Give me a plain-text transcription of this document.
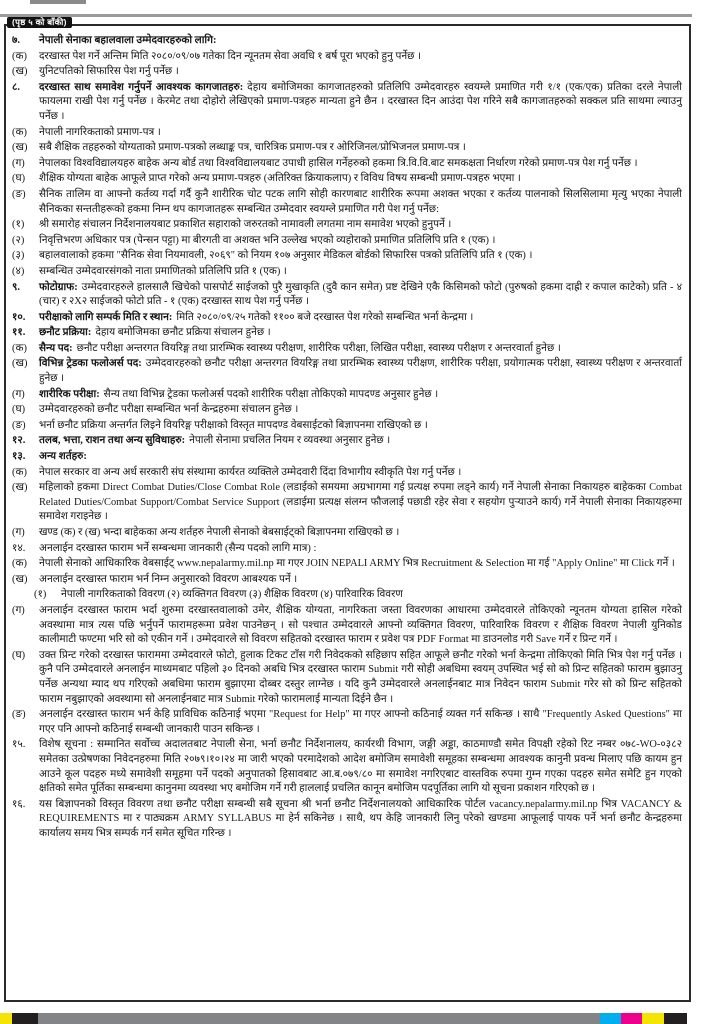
(पृष्ठ ५ को बाँकी)
७.	नेपाली सेनाका बहालवाला उम्मेदवारहरुको लागि:
(क)	दरखास्त पेश गर्ने अन्तिम मिति २०८०/०९/०७ गतेका दिन न्यूनतम सेवा अवधि १ बर्ष पूरा भएको हुनु पर्नेछ ।
(ख)	युनिटपतिको सिफारिस पेश गर्नु पर्नेछ ।
८.	दरखास्त साथ समावेश गर्नुपर्ने आवश्यक कागजातहरु: देहाय बमोजिमका कागजातहरुको प्रतिलिपि उम्मेदवारहरु स्वयम्ले प्रमाणित गरी १/१ (एक/एक) प्रतिका दरले नेपाली फायलमा राखी पेश गर्नु पर्नेछ । केरमेट तथा दोहोरो लेखिएको प्रमाण-पत्रहरु मान्यता हुने छैन । दरखास्त दिन आउंदा पेश गरिने सबै कागजातहरुको सक्कल प्रति साथमा ल्याउनु पर्नेछ ।
(क)	नेपाली नागरिकताको प्रमाण-पत्र ।
(ख)	सबै शैक्षिक तहहरुको योग्यताको प्रमाण-पत्रको लब्धाङ्क पत्र, चारित्रिक प्रमाण-पत्र र ओरिजिनल/प्रोभिजनल प्रमाण-पत्र ।
(ग)	नेपालका विश्वविद्यालयहरु बाहेक अन्य बोर्ड तथा विश्वविद्यालयबाट उपाधी हासिल गर्नेहरुको हकमा त्रि.वि.वि.बाट समकक्षता निर्धारण गरेको प्रमाण-पत्र पेश गर्नु पर्नेछ ।
(घ)	शैक्षिक योग्यता बाहेक आफूले प्राप्त गरेको अन्य प्रमाण-पत्रहरु (अतिरिक्त क्रियाकलाप) र विविध विषय सम्बन्धी प्रमाण-पत्रहरु भएमा ।
(ङ)	सैनिक तालिम वा आफ्नो कर्तव्य गर्दा गर्दै कुनै शारीरिक चोट पटक लागि सोही कारणबाट शारीरिक रूपमा अशक्त भएका र कर्तव्य पालनाको सिलसिलामा मृत्यु भएका नेपाली सैनिकका सन्ततीहरूको हकमा निम्न थप कागजातहरू सम्बन्धित उम्मेदवार स्वयम्ले प्रमाणित गरी पेश गर्नु पर्नेछ:
(१)	श्री समारोह संचालन निर्देशनालयबाट प्रकाशित सहाराको जरुरतको नामावली लगतमा नाम समावेश भएको हुनुपर्ने ।
(२)	निवृत्तिभरण अधिकार पत्र (पेन्सन पट्टा) मा बीरगती वा अशक्त भनि उल्लेख भएको व्यहोराको प्रमाणित प्रतिलिपि प्रति १ (एक) ।
(३)	बहालवालाको हकमा "सैनिक सेवा नियमावली, २०६९" को नियम १०७ अनुसार मेडिकल बोर्डको सिफारिस पत्रको प्रतिलिपि प्रति १ (एक) ।
(४)	सम्बन्धित उम्मेदवारसंगको नाता प्रमाणितको प्रतिलिपि प्रति १ (एक) ।
९.	फोटोग्राफ: उम्मेदवारहरुले हालसालै खिचेको पासपोर्ट साईजको पुरै मुखाकृति (दुवै कान समेत) प्रष्ट देखिने एकै किसिमको फोटो (पुरुषको हकमा दाह्री र कपाल काटेको) प्रति - ४ (चार) र २X२ साईजको फोटो प्रति - १ (एक) दरखास्त साथ पेश गर्नु पर्नेछ ।
१०.	परीक्षाको लागि सम्पर्क मिति र स्थान: मिति २०८०/०९/२५ गतेको ११०० बजे दरखास्त पेश गरेको सम्बन्धित भर्ना केन्द्रमा ।
११.	छनौट प्रक्रिया: देहाय बमोजिमका छनौट प्रक्रिया संचालन हुनेछ ।
(क)	सैन्य पद: छनौट परीक्षा अन्तरगत वियरिङ्ग तथा प्रारम्भिक स्वास्थ्य परीक्षण, शारीरिक परीक्षा, लिखित परीक्षा, स्वास्थ्य परीक्षण र अन्तरवार्ता हुनेछ ।
(ख)	विभिन्न ट्रेडका फलोअर्स पद: उम्मेदवारहरुको छनौट परीक्षा अन्तरगत वियरिङ्ग तथा प्रारम्भिक स्वास्थ्य परीक्षण, शारीरिक परीक्षा, प्रयोगात्मक परीक्षा, स्वास्थ्य परीक्षण र अन्तरवार्ता हुनेछ ।
(ग)	शारीरिक परीक्षा: सैन्य तथा विभिन्न ट्रेडका फलोअर्स पदको शारीरिक परीक्षा तोकिएको मापदण्ड अनुसार हुनेछ ।
(घ)	उम्मेदवारहरुको छनौट परीक्षा सम्बन्धित भर्ना केन्द्रहरुमा संचालन हुनेछ ।
(ङ)	भर्ना छनौट प्रक्रिया अन्तर्गत लिइने वियरिङ्ग परीक्षाको विस्तृत मापदण्ड वेबसाईटको बिज्ञापनमा राखिएको छ ।
१२.	तलब, भत्ता, राशन तथा अन्य सुविधाहरु: नेपाली सेनामा प्रचलित नियम र व्यवस्था अनुसार हुनेछ ।
१३.	अन्य शर्तहरु:
(क)	नेपाल सरकार वा अन्य अर्ध सरकारी संघ संस्थामा कार्यरत व्यक्तिले उम्मेदवारी दिंदा विभागीय स्वीकृति पेश गर्नु पर्नेछ ।
(ख)	महिलाको हकमा Direct Combat Duties/Close Combat Role (लडाईको समयमा अग्रभागमा गई प्रत्यक्ष रुपमा लड्ने कार्य) गर्ने नेपाली सेनाका निकायहरु बाहेकका Combat Related Duties/Combat Support/Combat Service Support (लडाईमा प्रत्यक्ष संलग्न फौजलाई पछाडी रहेर सेवा र सहयोग पुर्‍याउने कार्य) गर्ने नेपाली सेनाका निकायहरुमा समावेश गराइनेछ ।
(ग)	खण्ड (क) र (ख) भन्दा बाहेकका अन्य शर्तहरु नेपाली सेनाको बेबसाईट्को बिज्ञापनमा राखिएको छ ।
१४.	अनलाईन दरखास्त फाराम भर्ने सम्बन्धमा जानकारी (सैन्य पदको लागि मात्र) :
(क)	नेपाली सेनाको आधिकारिक वेबसाईट् www.nepalarmy.mil.np मा गएर JOIN NEPALI ARMY भित्र Recruitment & Selection मा गई "Apply Online" मा Click गर्ने ।
(ख)	अनलाईन दरखास्त फाराम भर्न निम्न अनुसारको विवरण आबश्यक पर्ने ।
(१)	नेपाली नागरिकताको विवरण (२) व्यक्तिगत विवरण (३) शैक्षिक विवरण (४) पारिवारिक विवरण
(ग)	अनलाईन दरखास्त फाराम भर्दा शुरुमा दरखास्तवालाको उमेर, शैक्षिक योग्यता, नागरिकता जस्ता विवरणका आधारमा उम्मेदवारले तोकिएको न्यूनतम योग्यता हासिल गरेको अवस्थामा मात्र त्यस पछि भर्नुपर्ने फारामहरूमा प्रवेश पाउनेछन् । सो पश्चात उम्मेदवारले आफ्नो व्यक्तिगत विवरण, पारिवारिक विवरण र शैक्षिक विवरण नेपाली युनिकोड कालीमाटी फण्टमा भरि सो को एकीन गर्ने । उम्मेदवारले सो विवरण सहितको दरखास्त फाराम र प्रवेश पत्र PDF Format मा डाउनलोड गरी Save गर्ने र प्रिन्ट गर्ने ।
(घ)	उक्त प्रिन्ट गरेको दरखास्त फाराममा उम्मेदवारले फोटो, हुलाक टिकट टाँस गरी निवेदकको सहिछाप सहित आफूले छनौट गरेको भर्ना केन्द्रमा तोकिएको मिति भित्र पेश गर्नु पर्नेछ । कुनै पनि उम्मेदवारले अनलाईन माध्यमबाट पहिलो ३० दिनको अबधि भित्र दरखास्त फाराम Submit गरी सोही अबधिमा स्वयम् उपस्थित भई सो को प्रिन्ट सहितको फाराम बुझाउनु पर्नेछ अन्यथा म्याद थप गरिएको अबधिमा फाराम बुझाएमा दोब्बर दस्तुर लाग्नेछ । यदि कुनै उम्मेदवारले अनलाईनबाट मात्र निवेदन फाराम Submit गरेर सो को प्रिन्ट सहितको फाराम नबुझाएको अवस्थामा सो अनलाईनबाट मात्र Submit गरेको फारामलाई मान्यता दिईने छैन ।
(ङ)	अनलाईन दरखास्त फाराम भर्न केहि प्राविधिक कठिनाई भएमा "Request for Help" मा गएर आफ्नो कठिनाई व्यक्त गर्न सकिन्छ । साथै "Frequently Asked Questions" मा गएर पनि आफ्नो कठिनाई सम्बन्धी जानकारी पाउन सकिन्छ ।
१५.	विशेष सूचना : सम्मानित सर्वोच्च अदालतबाट नेपाली सेना, भर्ना छनौट निर्देशनालय, कार्यरथी विभाग, जङ्गी अड्डा, काठमाण्डौ समेत विपक्षी रहेको रिट नम्बर ०७८-WO-०३८२ समेतका उत्प्रेषणका निवेदनहरुमा मिति २०७९।१०।२४ मा जारी भएको परमादेशको आदेश बमोजिम समावेशी समूहका सम्बन्धमा आवश्यक कानुनी प्रवन्ध मिलाए पछि कायम हुन आउने कूल पदहरु मध्ये समावेशी समूहमा पर्ने पदको अनुपातको हिसावबाट आ.ब.०७९/८० मा समावेश नगरिएबाट वास्तविक रुपमा गुम्न गएका पदहरु समेत समेटि हुन गएको क्षतिको समेत पूर्तिका सम्बन्धमा कानुनमा व्यवस्था भए बमोजिम गर्ने गरी हाललाई प्रचलित कानून बमोजिम पदपूर्तिका लागि यो सूचना प्रकाशन गरिएको छ ।
१६.	यस बिज्ञापनको विस्तृत विवरण तथा छनौट परीक्षा सम्बन्धी सबै सूचना श्री भर्ना छनौट निर्देशनालयको आधिकारिक पोर्टल vacancy.nepalarmy.mil.np भित्र VACANCY & REQUIREMENTS मा र पाठ्यक्रम ARMY SYLLABUS मा हेर्न सकिनेछ । साथै, थप केहि जानकारी लिनु परेको खण्डमा आफूलाई पायक पर्ने भर्ना छनौट केन्द्रहरुमा कार्यालय समय भित्र सम्पर्क गर्न समेत सूचित गरिन्छ ।
